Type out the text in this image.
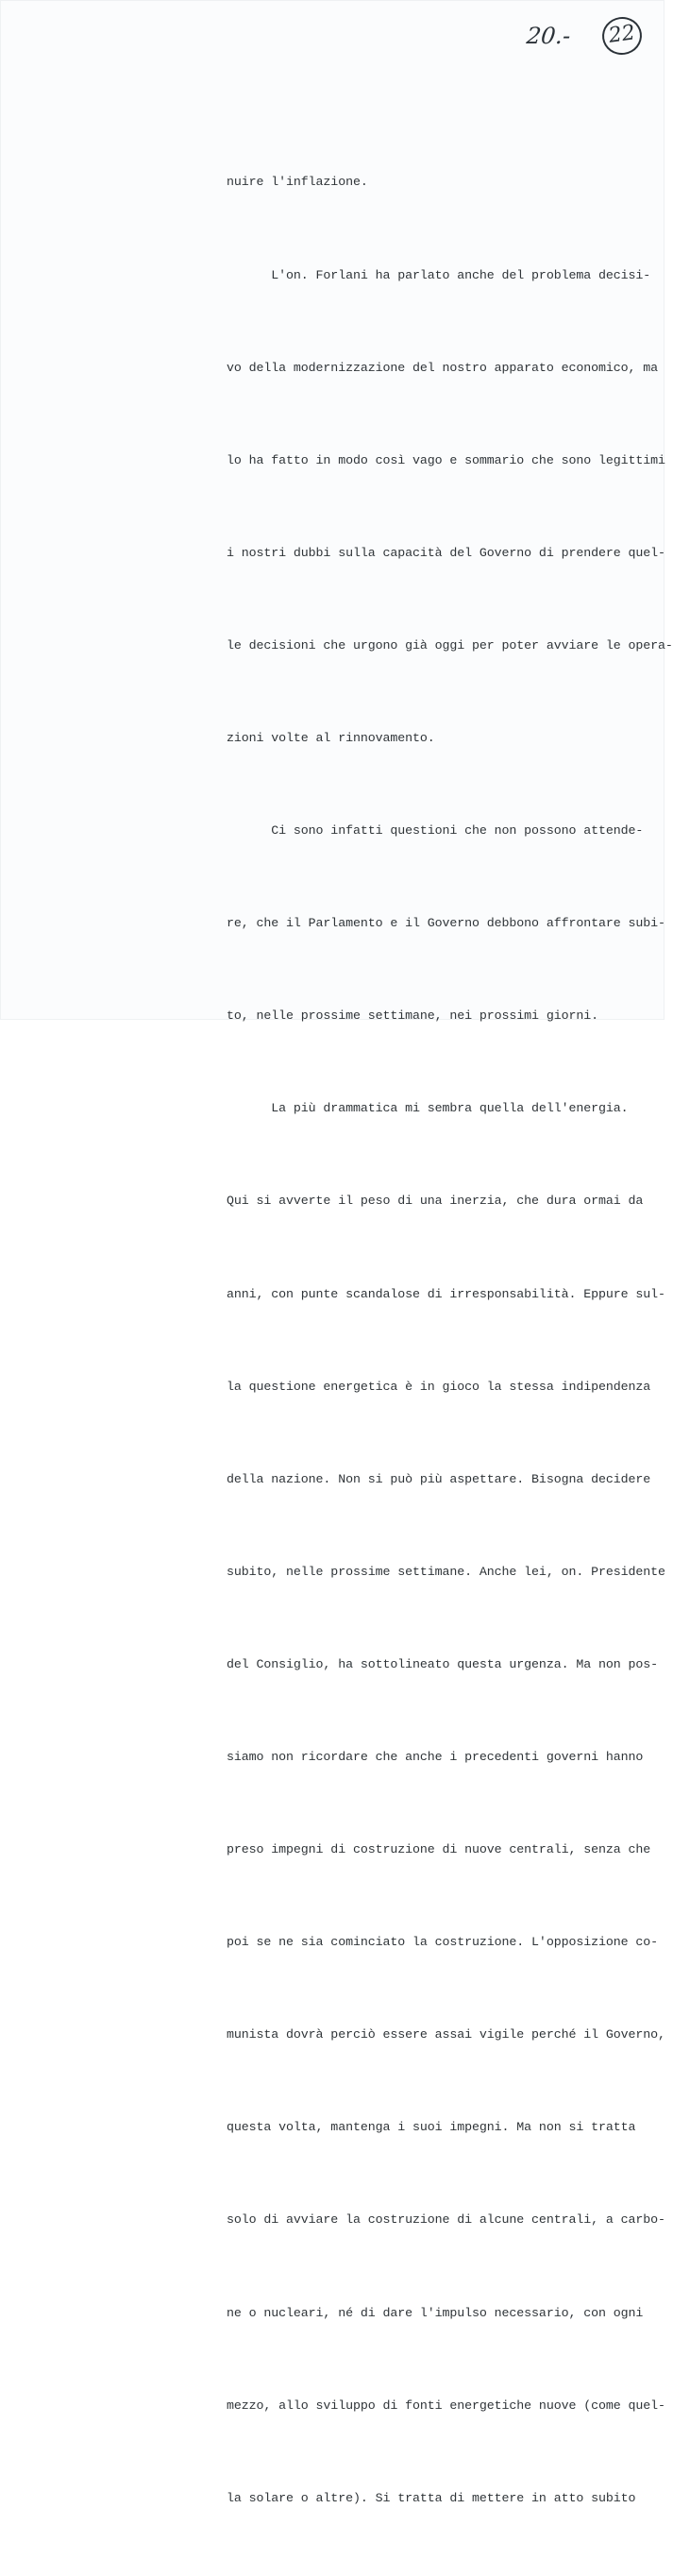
20.- 22

nuire l'inflazione.

L'on. Forlani ha parlato anche del problema decisi-

vo della modernizzazione del nostro apparato economico, ma

lo ha fatto in modo così vago e sommario che sono legittimi

i nostri dubbi sulla capacità del Governo di prendere quel-

le decisioni che urgono già oggi per poter avviare le opera-

zioni volte al rinnovamento.

Ci sono infatti questioni che non possono attende-

re, che il Parlamento e il Governo debbono affrontare subi-

to, nelle prossime settimane, nei prossimi giorni.

La più drammatica mi sembra quella dell'energia.

Qui si avverte il peso di una inerzia, che dura ormai da

anni, con punte scandalose di irresponsabilità. Eppure sul-

la questione energetica è in gioco la stessa indipendenza

della nazione. Non si può più aspettare. Bisogna decidere

subito, nelle prossime settimane. Anche lei, on. Presidente

del Consiglio, ha sottolineato questa urgenza. Ma non pos-

siamo non ricordare che anche i precedenti governi hanno

preso impegni di costruzione di nuove centrali, senza che

poi se ne sia cominciato la costruzione. L'opposizione co-

munista dovrà perciò essere assai vigile perché il Governo,

questa volta, mantenga i suoi impegni. Ma non si tratta

solo di avviare la costruzione di alcune centrali, a carbo-

ne o nucleari, né di dare l'impulso necessario, con ogni

mezzo, allo sviluppo di fonti energetiche nuove (come quel-

la solare o altre). Si tratta di mettere in atto subito
